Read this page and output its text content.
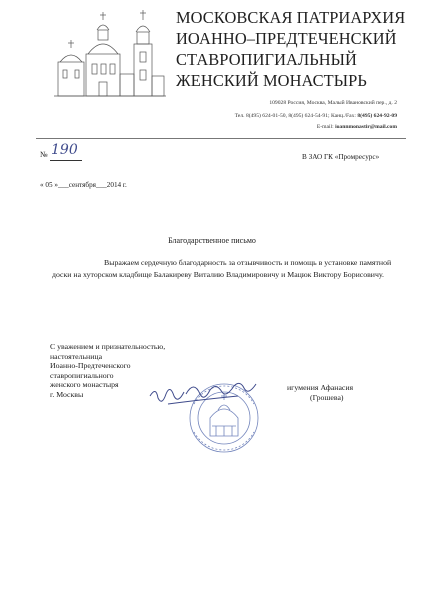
МОСКОВСКАЯ ПАТРИАРХИЯ
ИОАННО–ПРЕДТЕЧЕНСКИЙ
СТАВРОПИГИАЛЬНЫЙ
ЖЕНСКИЙ МОНАСТЫРЬ
109028 Россия, Москва, Малый Ивановский пер., д. 2
Тел. 8(495) 624-01-50, 8(495) 624-54-91; Канц./Fax: 8(495) 624-92-09
E-mail: ioannmonastir@mail.com
№ 190	В ЗАО ГК «Промресурс»
« 05 »___сентября___2014 г.
Благодарственное письмо
Выражаем сердечную благодарность за отзывчивость и помощь в установке памятной доски на хуторском кладбище Балакиреву Виталию Владимировичу и Мацюк Виктору Борисовичу.
С уважением и признательностью,
настоятельница
Иоанно-Предтеченского
ставропигиального
женского монастыря
г. Москвы
игумения Афанасия
(Грошева)
